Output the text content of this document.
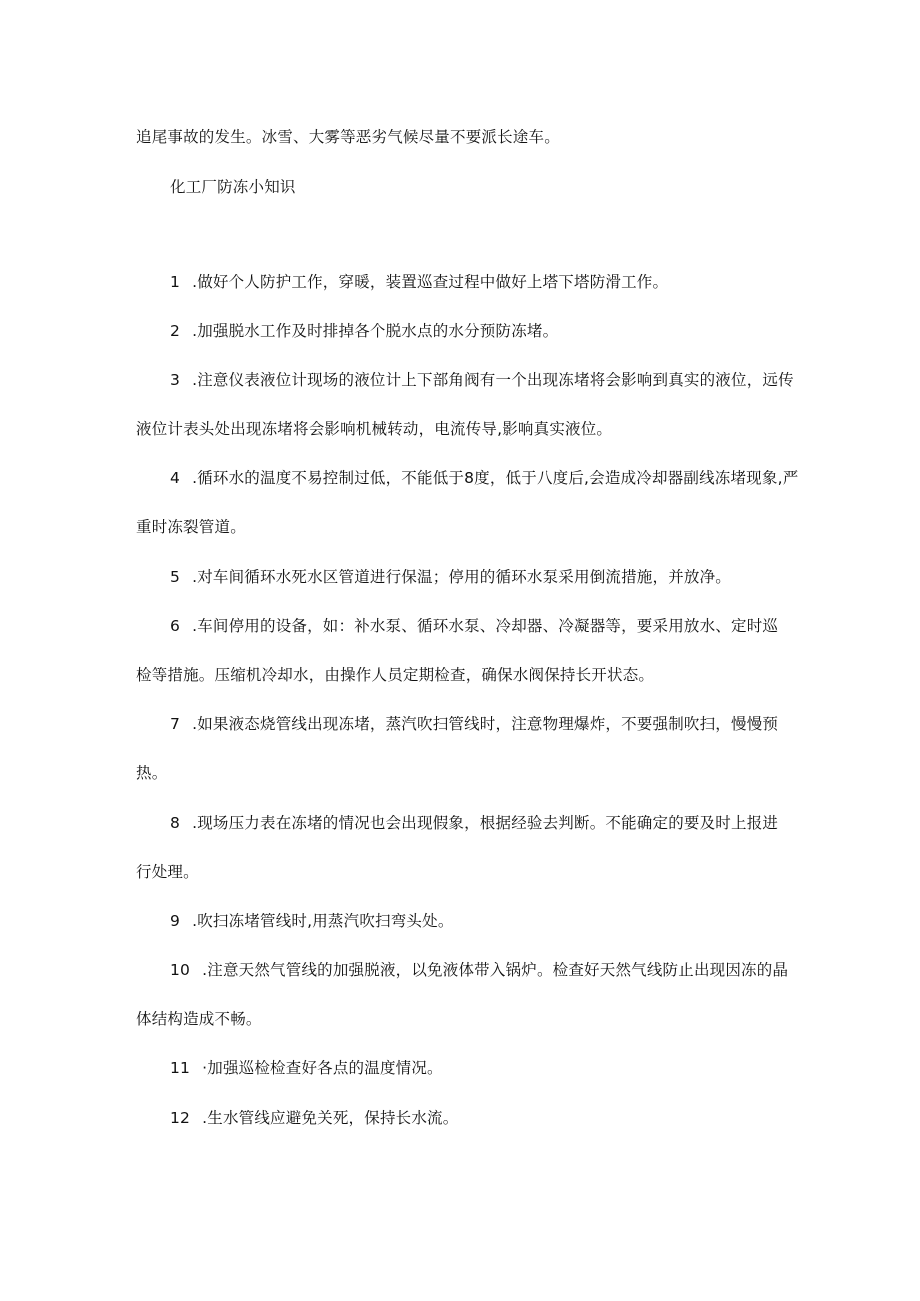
追尾事故的发生。冰雪、大雾等恶劣气候尽量不要派长途车。
化工厂防冻小知识
1 .做好个人防护工作，穿暖，装置巡查过程中做好上塔下塔防滑工作。
2 .加强脱水工作及时排掉各个脱水点的水分预防冻堵。
3 .注意仪表液位计现场的液位计上下部角阀有一个出现冻堵将会影响到真实的液位，远传
液位计表头处出现冻堵将会影响机械转动，电流传导,影响真实液位。
4 .循环水的温度不易控制过低，不能低于8度，低于八度后,会造成冷却器副线冻堵现象,严
重时冻裂管道。
5 .对车间循环水死水区管道进行保温；停用的循环水泵采用倒流措施，并放净。
6 .车间停用的设备，如：补水泵、循环水泵、冷却器、冷凝器等，要采用放水、定时巡
检等措施。压缩机冷却水，由操作人员定期检查，确保水阀保持长开状态。
7 .如果液态烧管线出现冻堵，蒸汽吹扫管线时，注意物理爆炸，不要强制吹扫，慢慢预
热。
8 .现场压力表在冻堵的情况也会出现假象，根据经验去判断。不能确定的要及时上报进
行处理。
9 .吹扫冻堵管线时,用蒸汽吹扫弯头处。
10 .注意天然气管线的加强脱液，以免液体带入锅炉。检查好天然气线防止出现因冻的晶
体结构造成不畅。
11 ·加强巡检检查好各点的温度情况。
12 .生水管线应避免关死，保持长水流。
